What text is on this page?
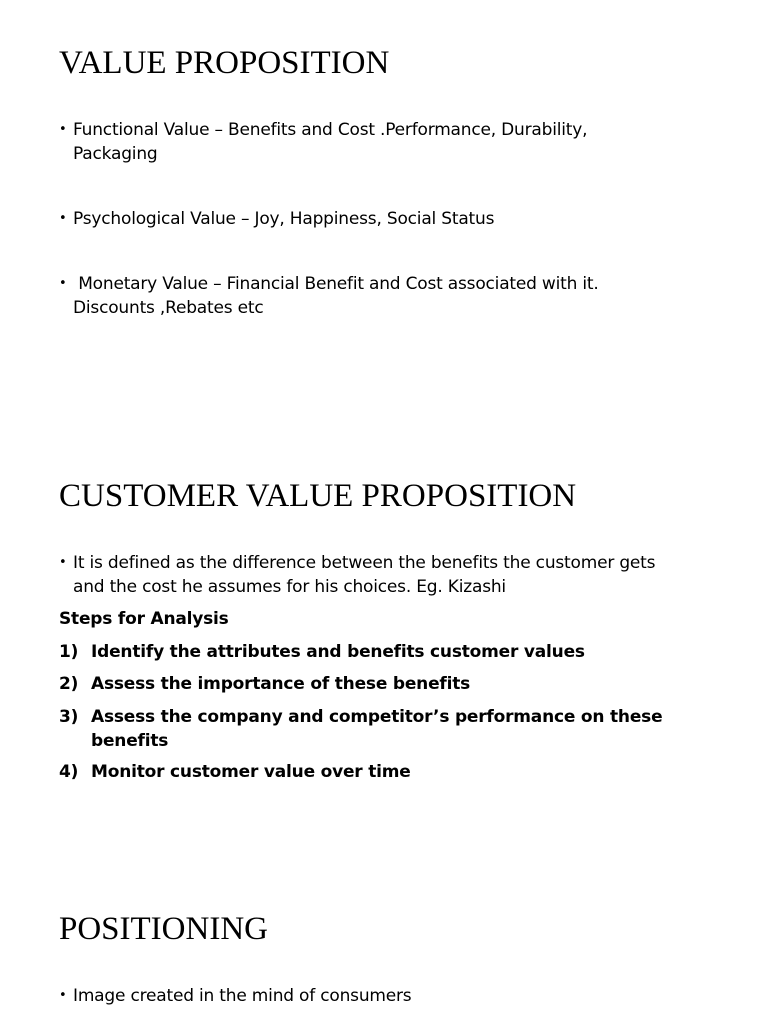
VALUE PROPOSITION
• Functional Value – Benefits and Cost .Performance, Durability,
Packaging
• Psychological Value – Joy, Happiness, Social Status
• Monetary Value – Financial Benefit and Cost associated with it.
Discounts ,Rebates etc
CUSTOMER VALUE PROPOSITION
• It is defined as the difference between the benefits the customer gets
and the cost he assumes for his choices. Eg. Kizashi
Steps for Analysis
1) Identify the attributes and benefits customer values
2) Assess the importance of these benefits
3) Assess the company and competitor’s performance on these
benefits
4) Monitor customer value over time
POSITIONING
• Image created in the mind of consumers
